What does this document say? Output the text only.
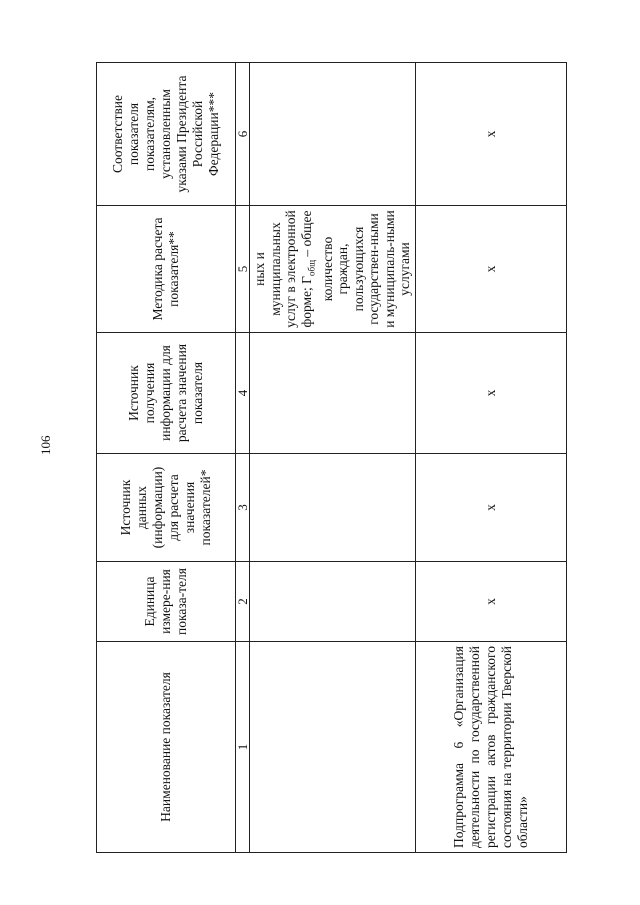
106
Наименование показателя	Единица измере-ния показа-теля	Источник данных (информации) для расчета значения показателей*	Источник получения информации для расчета значения показателя	Методика расчета показателя**	Соответствие показателя показателям, установленным указами Президента Российской Федерации***
1	2	3	4	5	6
				ных и муниципальных услуг в электронной форме; $Г_{общ}$ – общее количество граждан, пользующихся государствен-ными и муниципаль-ными услугами	
Подпрограмма 6 «Организация деятельности по государственной регистрации актов гражданского состояния на территории Тверской области»	x	x	x	x	x
